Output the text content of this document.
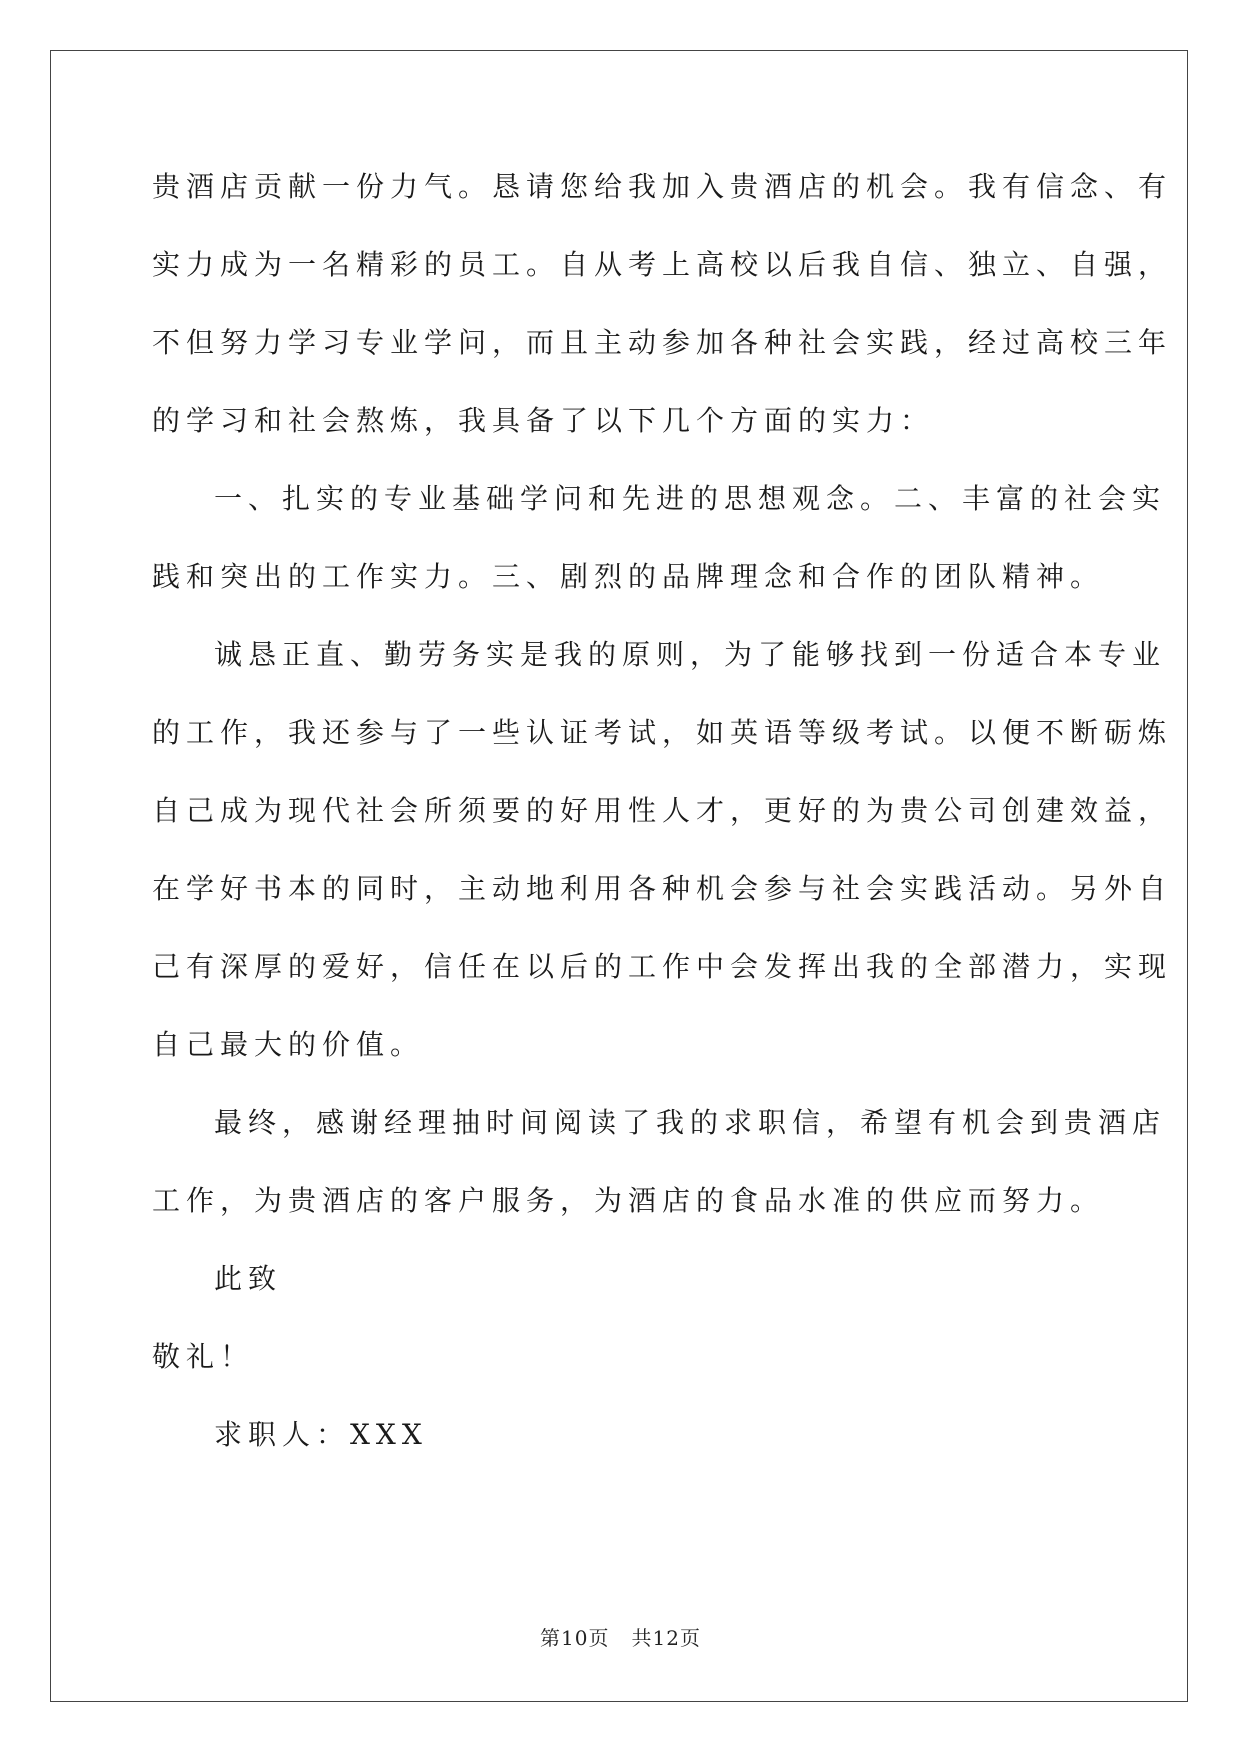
贵酒店贡献一份力气。恳请您给我加入贵酒店的机会。我有信念、有
实力成为一名精彩的员工。自从考上高校以后我自信、独立、自强，
不但努力学习专业学问，而且主动参加各种社会实践，经过高校三年
的学习和社会熬炼，我具备了以下几个方面的实力：
一、扎实的专业基础学问和先进的思想观念。二、丰富的社会实
践和突出的工作实力。三、剧烈的品牌理念和合作的团队精神。
诚恳正直、勤劳务实是我的原则，为了能够找到一份适合本专业
的工作，我还参与了一些认证考试，如英语等级考试。以便不断砺炼
自己成为现代社会所须要的好用性人才，更好的为贵公司创建效益，
在学好书本的同时，主动地利用各种机会参与社会实践活动。另外自
己有深厚的爱好，信任在以后的工作中会发挥出我的全部潜力，实现
自己最大的价值。
最终，感谢经理抽时间阅读了我的求职信，希望有机会到贵酒店
工作，为贵酒店的客户服务，为酒店的食品水准的供应而努力。
此致
敬礼！
求职人：XXX
第10页 共12页
